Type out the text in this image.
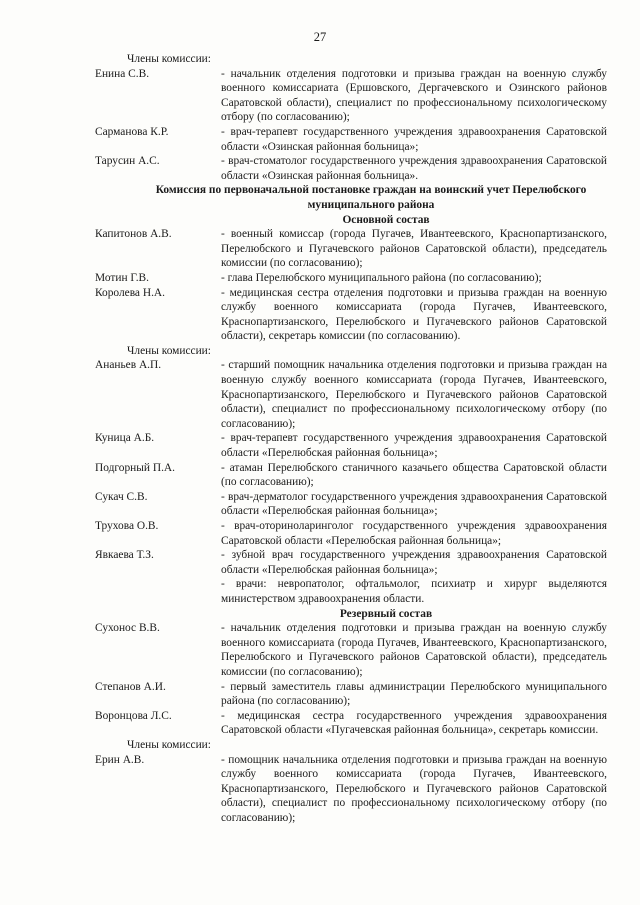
27
Члены комиссии:
Енина С.В.	- начальник отделения подготовки и призыва граждан на военную службу военного комиссариата (Ершовского, Дергачевского и Озинского районов Саратовской области), специалист по профессиональному психологическому отбору (по согласованию);
Сарманова К.Р.	- врач-терапевт государственного учреждения здравоохранения Саратовской области «Озинская районная больница»;
Тарусин А.С.	- врач-стоматолог государственного учреждения здравоохранения Саратовской области «Озинская районная больница».
Комиссия по первоначальной постановке граждан на воинский учет Перелюбского муниципального района
Основной состав
Капитонов А.В.	- военный комиссар (города Пугачев, Ивантеевского, Краснопартизанского, Перелюбского и Пугачевского районов Саратовской области), председатель комиссии (по согласованию);
Мотин Г.В.	- глава Перелюбского муниципального района (по согласованию);
Королева Н.А.	- медицинская сестра отделения подготовки и призыва граждан на военную службу военного комиссариата (города Пугачев, Ивантеевского, Краснопартизанского, Перелюбского и Пугачевского районов Саратовской области), секретарь комиссии (по согласованию).
Члены комиссии:
Ананьев А.П.	- старший помощник начальника отделения подготовки и призыва граждан на военную службу военного комиссариата (города Пугачев, Ивантеевского, Краснопартизанского, Перелюбского и Пугачевского районов Саратовской области), специалист по профессиональному психологическому отбору (по согласованию);
Куница А.Б.	- врач-терапевт государственного учреждения здравоохранения Саратовской области «Перелюбская районная больница»;
Подгорный П.А.	- атаман Перелюбского станичного казачьего общества Саратовской области (по согласованию);
Сукач С.В.	- врач-дерматолог государственного учреждения здравоохранения Саратовской области «Перелюбская районная больница»;
Трухова О.В.	- врач-оториноларинголог государственного учреждения здравоохранения Саратовской области «Перелюбская районная больница»;
Явкаева Т.З.	- зубной врач государственного учреждения здравоохранения Саратовской области «Перелюбская районная больница»;
- врачи: невропатолог, офтальмолог, психиатр и хирург выделяются министерством здравоохранения области.
Резервный состав
Сухонос В.В.	- начальник отделения подготовки и призыва граждан на военную службу военного комиссариата (города Пугачев, Ивантеевского, Краснопартизанского, Перелюбского и Пугачевского районов Саратовской области), председатель комиссии (по согласованию);
Степанов А.И.	- первый заместитель главы администрации Перелюбского муниципального района (по согласованию);
Воронцова Л.С.	- медицинская сестра государственного учреждения здравоохранения Саратовской области «Пугачевская районная больница», секретарь комиссии.
Члены комиссии:
Ерин А.В.	- помощник начальника отделения подготовки и призыва граждан на военную службу военного комиссариата (города Пугачев, Ивантеевского, Краснопартизанского, Перелюбского и Пугачевского районов Саратовской области), специалист по профессиональному психологическому отбору (по согласованию);
